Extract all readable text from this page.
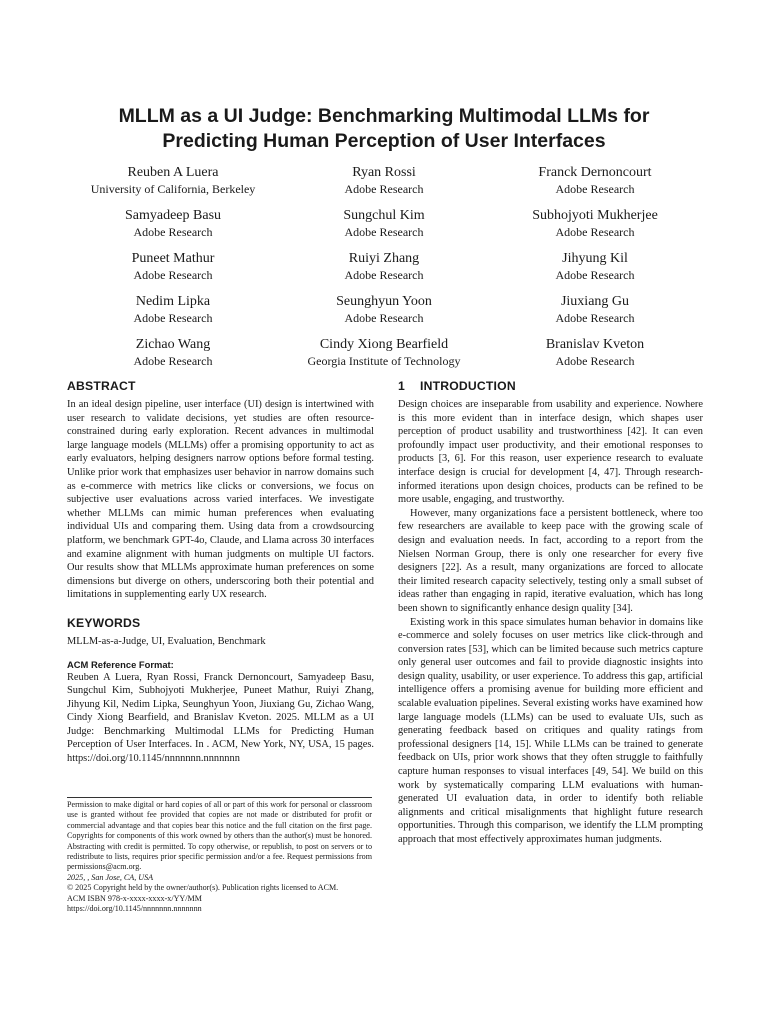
MLLM as a UI Judge: Benchmarking Multimodal LLMs for
Predicting Human Perception of User Interfaces
Reuben A Luera
University of California, Berkeley
Ryan Rossi
Adobe Research
Franck Dernoncourt
Adobe Research
Samyadeep Basu
Adobe Research
Sungchul Kim
Adobe Research
Subhojyoti Mukherjee
Adobe Research
Puneet Mathur
Adobe Research
Ruiyi Zhang
Adobe Research
Jihyung Kil
Adobe Research
Nedim Lipka
Adobe Research
Seunghyun Yoon
Adobe Research
Jiuxiang Gu
Adobe Research
Zichao Wang
Adobe Research
Cindy Xiong Bearfield
Georgia Institute of Technology
Branislav Kveton
Adobe Research
ABSTRACT

In an ideal design pipeline, user interface (UI) design is intertwined with user research to validate decisions, yet studies are often resource-constrained during early exploration. Recent advances in multimodal large language models (MLLMs) offer a promising opportunity to act as early evaluators, helping designers narrow options before formal testing. Unlike prior work that emphasizes user behavior in narrow domains such as e-commerce with metrics like clicks or conversions, we focus on subjective user evaluations across varied interfaces. We investigate whether MLLMs can mimic human preferences when evaluating individual UIs and comparing them. Using data from a crowdsourcing platform, we benchmark GPT-4o, Claude, and Llama across 30 interfaces and examine alignment with human judgments on multiple UI factors. Our results show that MLLMs approximate human preferences on some dimensions but diverge on others, underscoring both their potential and limitations in supplementing early UX research.

KEYWORDS

MLLM-as-a-Judge, UI, Evaluation, Benchmark

ACM Reference Format:

Reuben A Luera, Ryan Rossi, Franck Dernoncourt, Samyadeep Basu, Sungchul Kim, Subhojyoti Mukherjee, Puneet Mathur, Ruiyi Zhang, Jihyung Kil, Nedim Lipka, Seunghyun Yoon, Jiuxiang Gu, Zichao Wang, Cindy Xiong Bearfield, and Branislav Kveton. 2025. MLLM as a UI Judge: Benchmarking Multimodal LLMs for Predicting Human Perception of User Interfaces. In . ACM, New York, NY, USA, 15 pages. https://doi.org/10.1145/nnnnnnn.nnnnnnn

Permission to make digital or hard copies of all or part of this work for personal or classroom use is granted without fee provided that copies are not made or distributed for profit or commercial advantage and that copies bear this notice and the full citation on the first page. Copyrights for components of this work owned by others than the author(s) must be honored. Abstracting with credit is permitted. To copy otherwise, or republish, to post on servers or to redistribute to lists, requires prior specific permission and/or a fee. Request permissions from permissions@acm.org.

2025, , San Jose, CA, USA

© 2025 Copyright held by the owner/author(s). Publication rights licensed to ACM.

ACM ISBN 978-x-xxxx-xxxx-x/YY/MM

https://doi.org/10.1145/nnnnnnn.nnnnnnn

1 INTRODUCTION

Design choices are inseparable from usability and experience. Nowhere is this more evident than in interface design, which shapes user perception of product usability and trustworthiness [42]. It can even profoundly impact user productivity, and their emotional responses to products [3, 6]. For this reason, user experience research to evaluate interface design is crucial for development [4, 47]. Through research-informed iterations upon design choices, products can be refined to be more usable, engaging, and trustworthy.

However, many organizations face a persistent bottleneck, where too few researchers are available to keep pace with the growing scale of design and evaluation needs. In fact, according to a report from the Nielsen Norman Group, there is only one researcher for every five designers [22]. As a result, many organizations are forced to allocate their limited research capacity selectively, testing only a small subset of ideas rather than engaging in rapid, iterative evaluation, which has long been shown to significantly enhance design quality [34].

Existing work in this space simulates human behavior in domains like e-commerce and solely focuses on user metrics like click-through and conversion rates [53], which can be limited because such metrics capture only general user outcomes and fail to provide diagnostic insights into design quality, usability, or user experience. To address this gap, artificial intelligence offers a promising avenue for building more efficient and scalable evaluation pipelines. Several existing works have examined how large language models (LLMs) can be used to evaluate UIs, such as generating feedback based on critiques and quality ratings from professional designers [14, 15]. While LLMs can be trained to generate feedback on UIs, prior work shows that they often struggle to faithfully capture human responses to visual interfaces [49, 54]. We build on this work by systematically comparing LLM evaluations with human-generated UI evaluation data, in order to identify both reliable alignments and critical misalignments that highlight future research opportunities. Through this comparison, we identify the LLM prompting approach that most effectively approximates human judgments.
